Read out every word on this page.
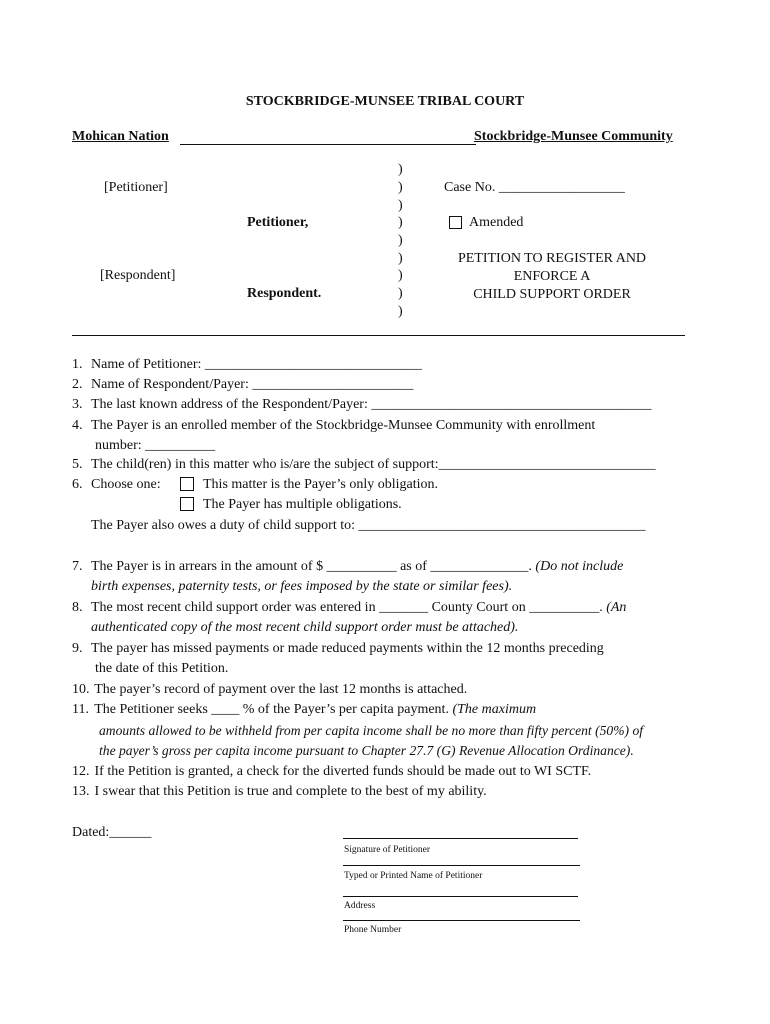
STOCKBRIDGE-MUNSEE TRIBAL COURT
Mohican Nation	Stockbridge-Munsee Community
[Petitioner]
Petitioner,
[Respondent]
Respondent.
)
)
)
)
)
)
)
)
)
Case No. __________________
Amended
PETITION TO REGISTER AND
ENFORCE A
CHILD SUPPORT ORDER
1. Name of Petitioner: _______________________________
2. Name of Respondent/Payer: _______________________
3. The last known address of the Respondent/Payer: ________________________________________
4. The Payer is an enrolled member of the Stockbridge-Munsee Community with enrollment
number: __________
5. The child(ren) in this matter who is/are the subject of support:_______________________________
6. Choose one:	This matter is the Payer’s only obligation.
The Payer has multiple obligations.
The Payer also owes a duty of child support to: _________________________________________
7. The Payer is in arrears in the amount of $ __________ as of ______________. (Do not include
birth expenses, paternity tests, or fees imposed by the state or similar fees).
8. The most recent child support order was entered in _______ County Court on __________. (An
authenticated copy of the most recent child support order must be attached).
9. The payer has missed payments or made reduced payments within the 12 months preceding
the date of this Petition.
10. The payer’s record of payment over the last 12 months is attached.
11. The Petitioner seeks ____ % of the Payer’s per capita payment. (The maximum
amounts allowed to be withheld from per capita income shall be no more than fifty percent (50%) of
the payer’s gross per capita income pursuant to Chapter 27.7 (G) Revenue Allocation Ordinance).
12. If the Petition is granted, a check for the diverted funds should be made out to WI SCTF.
13. I swear that this Petition is true and complete to the best of my ability.
Dated:______
Signature of Petitioner
Typed or Printed Name of Petitioner
Address
Phone Number
